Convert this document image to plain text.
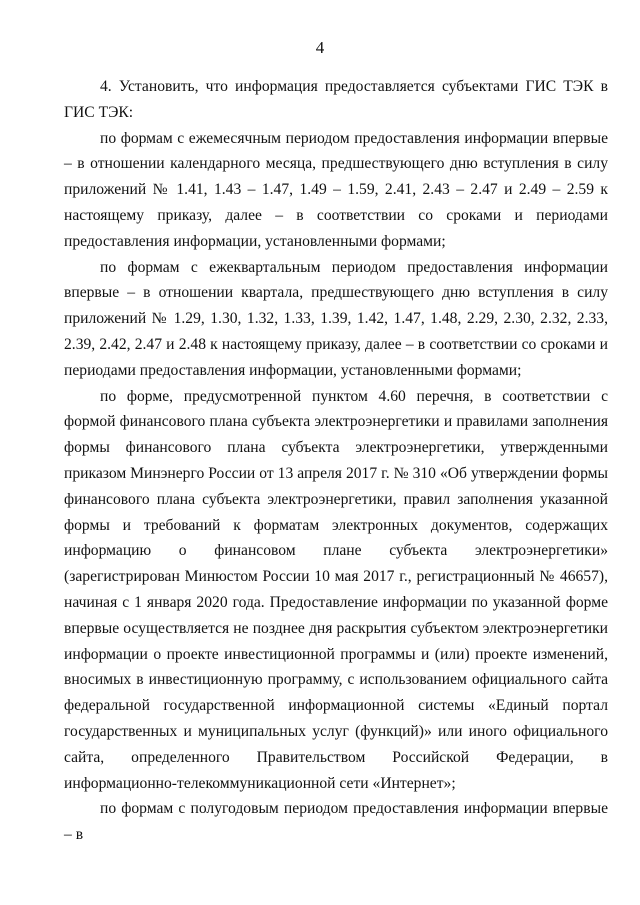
4

4. Установить, что информация предоставляется субъектами ГИС ТЭК в ГИС ТЭК:

по формам с ежемесячным периодом предоставления информации впервые – в отношении календарного месяца, предшествующего дню вступления в силу приложений № 1.41, 1.43 – 1.47, 1.49 – 1.59, 2.41, 2.43 – 2.47 и 2.49 – 2.59 к настоящему приказу, далее – в соответствии со сроками и периодами предоставления информации, установленными формами;

по формам с ежеквартальным периодом предоставления информации впервые – в отношении квартала, предшествующего дню вступления в силу приложений № 1.29, 1.30, 1.32, 1.33, 1.39, 1.42, 1.47, 1.48, 2.29, 2.30, 2.32, 2.33, 2.39, 2.42, 2.47 и 2.48 к настоящему приказу, далее – в соответствии со сроками и периодами предоставления информации, установленными формами;

по форме, предусмотренной пунктом 4.60 перечня, в соответствии с формой финансового плана субъекта электроэнергетики и правилами заполнения формы финансового плана субъекта электроэнергетики, утвержденными приказом Минэнерго России от 13 апреля 2017 г. № 310 «Об утверждении формы финансового плана субъекта электроэнергетики, правил заполнения указанной формы и требований к форматам электронных документов, содержащих информацию о финансовом плане субъекта электроэнергетики» (зарегистрирован Минюстом России 10 мая 2017 г., регистрационный № 46657), начиная с 1 января 2020 года. Предоставление информации по указанной форме впервые осуществляется не позднее дня раскрытия субъектом электроэнергетики информации о проекте инвестиционной программы и (или) проекте изменений, вносимых в инвестиционную программу, с использованием официального сайта федеральной государственной информационной системы «Единый портал государственных и муниципальных услуг (функций)» или иного официального сайта, определенного Правительством Российской Федерации, в информационно-телекоммуникационной сети «Интернет»;

по формам с полугодовым периодом предоставления информации впервые – в
